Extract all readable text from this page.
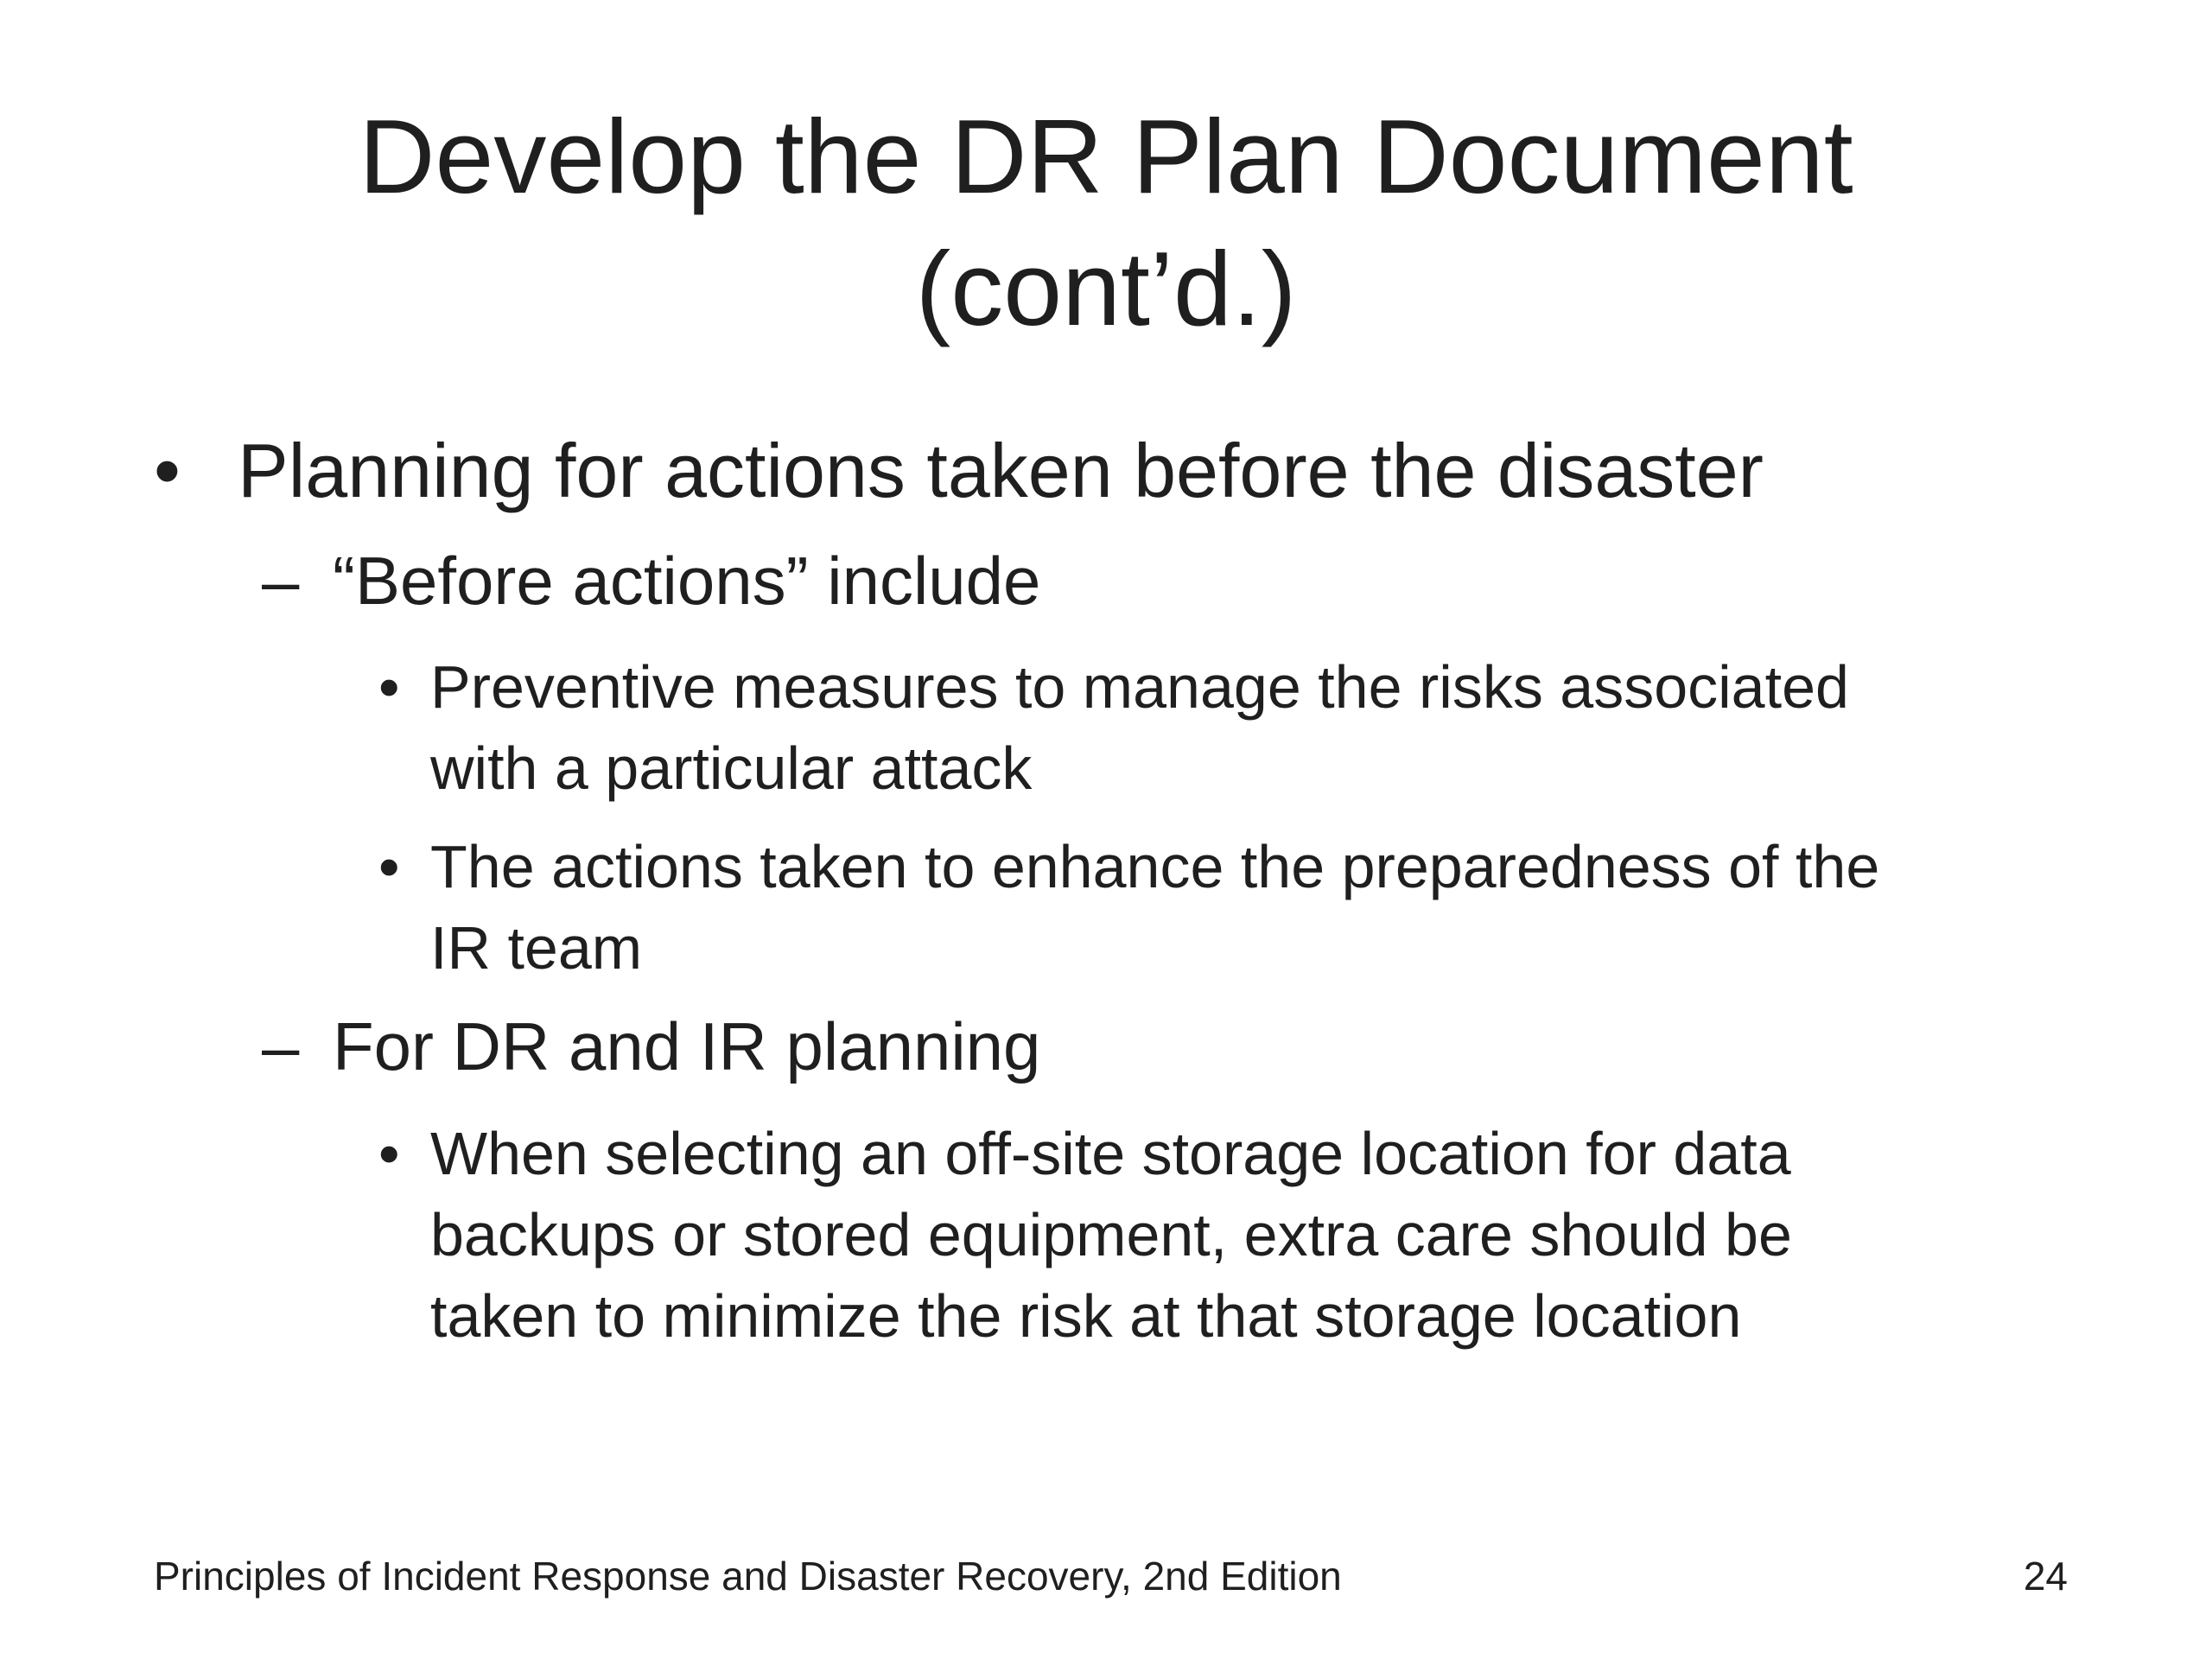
Develop the DR Plan Document
(cont’d.)
• Planning for actions taken before the disaster
– “Before actions” include
• Preventive measures to manage the risks associated
with a particular attack
• The actions taken to enhance the preparedness of the
IR team
– For DR and IR planning
• When selecting an off-site storage location for data
backups or stored equipment, extra care should be
taken to minimize the risk at that storage location
Principles of Incident Response and Disaster Recovery, 2nd Edition	24
